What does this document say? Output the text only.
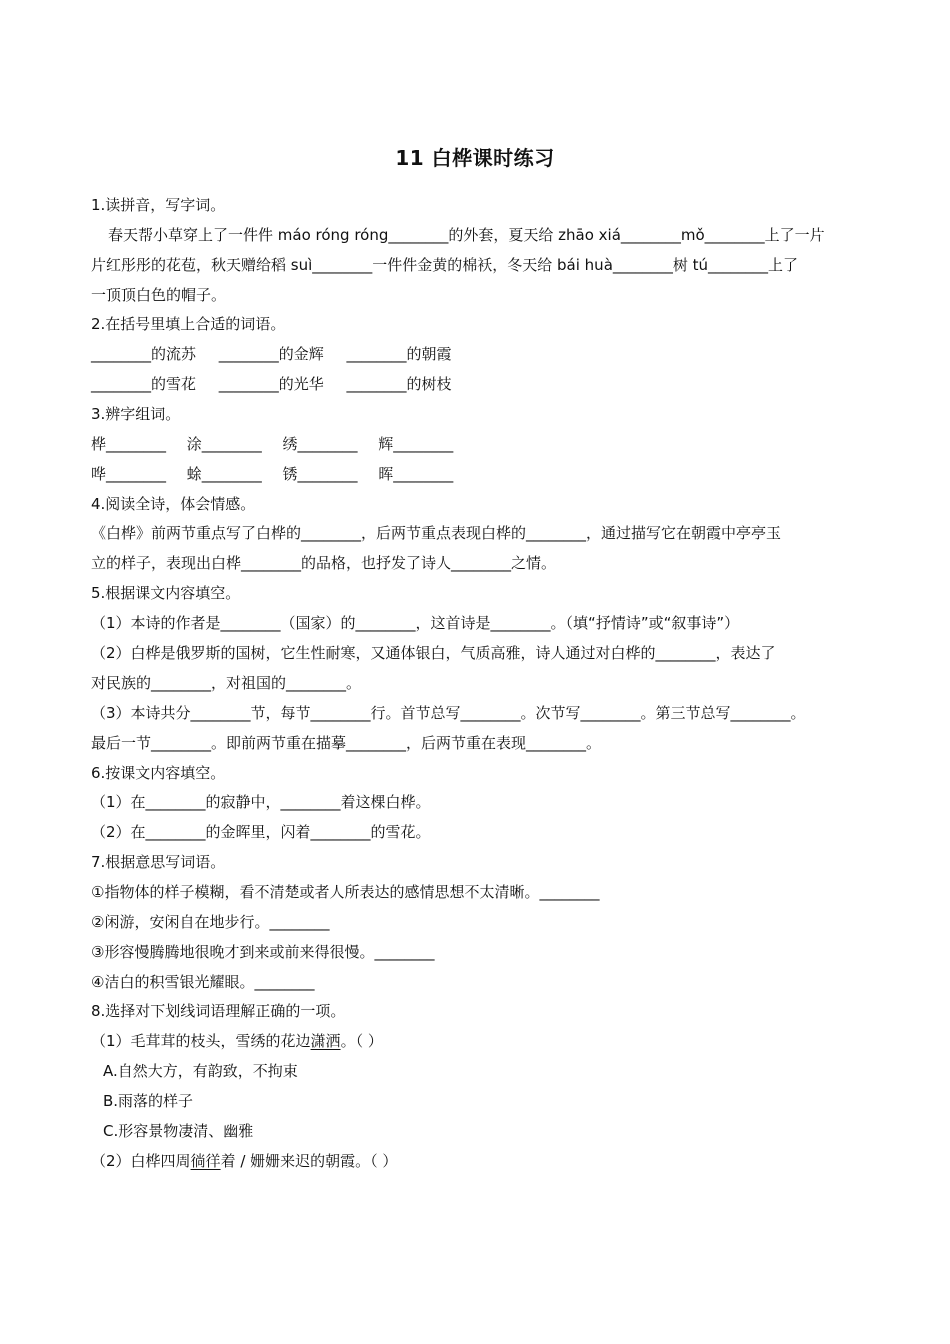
11 白桦课时练习
1.读拼音，写字词。
春天帮小草穿上了一件件 máo róng róng________的外套，夏天给 zhāo xiá________mǒ________上了一片
片红彤彤的花苞，秋天赠给稻 suì________一件件金黄的棉袄，冬天给 bái huà________树 tú________上了
一顶顶白色的帽子。
2.在括号里填上合适的词语。
________的流苏 ________的金辉 ________的朝霞
________的雪花 ________的光华 ________的树枝
3.辨字组词。
桦________ 涂________ 绣________ 辉________
哗________ 蜍________ 锈________ 晖________
4.阅读全诗，体会情感。
《白桦》前两节重点写了白桦的________，后两节重点表现白桦的________，通过描写它在朝霞中亭亭玉
立的样子，表现出白桦________的品格，也抒发了诗人________之情。
5.根据课文内容填空。
（1）本诗的作者是________（国家）的________，这首诗是________。（填“抒情诗”或“叙事诗”）
（2）白桦是俄罗斯的国树，它生性耐寒，又通体银白，气质高雅，诗人通过对白桦的________，表达了
对民族的________，对祖国的________。
（3）本诗共分________节，每节________行。首节总写________。次节写________。第三节总写________。
最后一节________。即前两节重在描摹________，后两节重在表现________。
6.按课文内容填空。
（1）在________的寂静中，________着这棵白桦。
（2）在________的金晖里，闪着________的雪花。
7.根据意思写词语。
①指物体的样子模糊，看不清楚或者人所表达的感情思想不太清晰。________
②闲游，安闲自在地步行。________
③形容慢腾腾地很晚才到来或前来得很慢。________
④洁白的积雪银光耀眼。________
8.选择对下划线词语理解正确的一项。
（1）毛茸茸的枝头，雪绣的花边潇洒。（ ）
A.自然大方，有韵致，不拘束
B.雨落的样子
C.形容景物凄清、幽雅
（2）白桦四周徜徉着 / 姗姗来迟的朝霞。（ ）
